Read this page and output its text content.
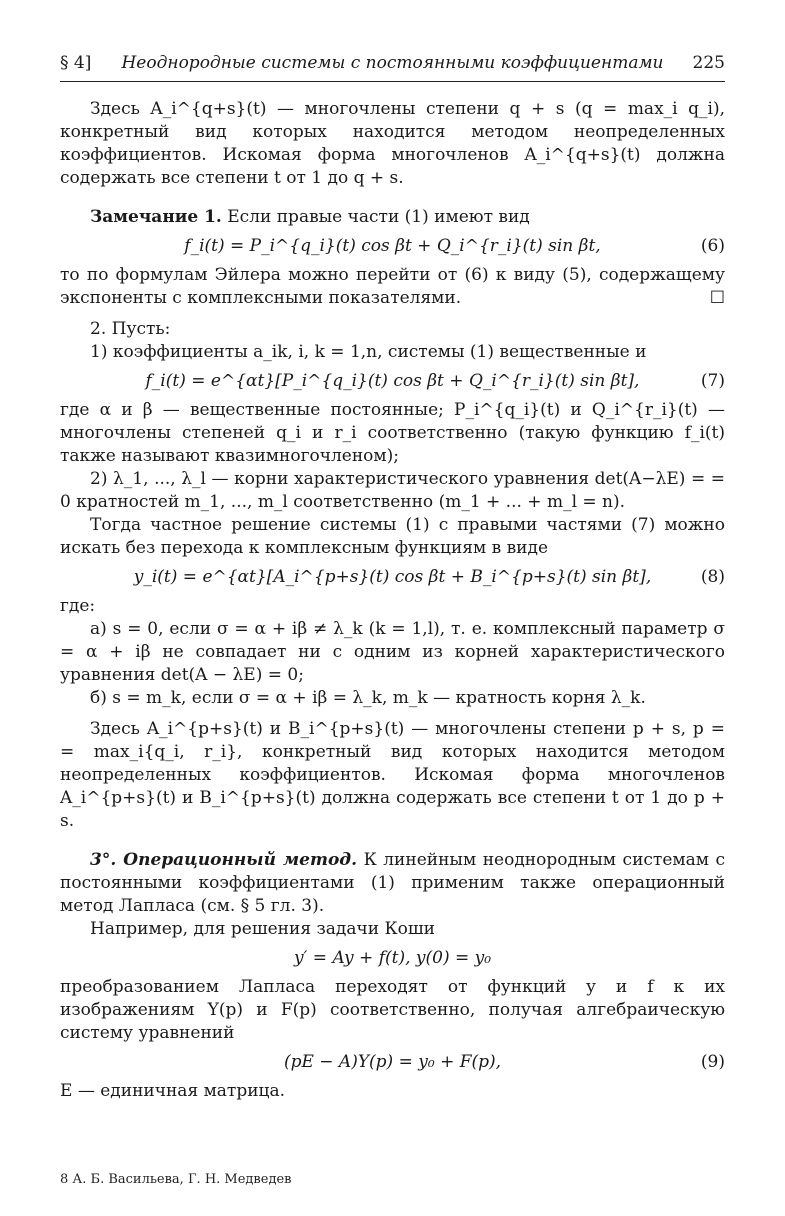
§ 4]	Неоднородные системы с постоянными коэффициентами	225

Здесь A_i^{q+s}(t) — многочлены степени q + s (q = max_i q_i), конкретный вид которых находится методом неопределенных коэффициентов. Искомая форма многочленов A_i^{q+s}(t) должна содержать все степени t от 1 до q + s.

Замечание 1. Если правые части (1) имеют вид

f_i(t) = P_i^{q_i}(t) cos βt + Q_i^{r_i}(t) sin βt,	(6)

то по формулам Эйлера можно перейти от (6) к виду (5), содержащему экспоненты с комплексными показателями.	☐

2. Пусть:

1) коэффициенты a_ik, i, k = 1,n, системы (1) вещественные и

f_i(t) = e^{αt}[P_i^{q_i}(t) cos βt + Q_i^{r_i}(t) sin βt],	(7)

где α и β — вещественные постоянные; P_i^{q_i}(t) и Q_i^{r_i}(t) — многочлены степеней q_i и r_i соответственно (такую функцию f_i(t) также называют квазимногочленом);

2) λ_1, ..., λ_l — корни характеристического уравнения det(A−λE) = = 0 кратностей m_1, ..., m_l соответственно (m_1 + ... + m_l = n).

Тогда частное решение системы (1) с правыми частями (7) можно искать без перехода к комплексным функциям в виде

y_i(t) = e^{αt}[A_i^{p+s}(t) cos βt + B_i^{p+s}(t) sin βt],	(8)

где:

а) s = 0, если σ = α + iβ ≠ λ_k (k = 1,l), т. е. комплексный параметр σ = α + iβ не совпадает ни с одним из корней характеристического уравнения det(A − λE) = 0;

б) s = m_k, если σ = α + iβ = λ_k, m_k — кратность корня λ_k.

Здесь A_i^{p+s}(t) и B_i^{p+s}(t) — многочлены степени p + s, p = = max_i{q_i, r_i}, конкретный вид которых находится методом неопределенных коэффициентов. Искомая форма многочленов A_i^{p+s}(t) и B_i^{p+s}(t) должна содержать все степени t от 1 до p + s.

3°. Операционный метод. К линейным неоднородным системам с постоянными коэффициентами (1) применим также операционный метод Лапласа (см. § 5 гл. 3).

Например, для решения задачи Коши

y′ = Ay + f(t), y(0) = y₀

преобразованием Лапласа переходят от функций y и f к их изображениям Y(p) и F(p) соответственно, получая алгебраическую систему уравнений

(pE − A)Y(p) = y₀ + F(p),	(9)

E — единичная матрица.

8 А. Б. Васильева, Г. Н. Медведев
